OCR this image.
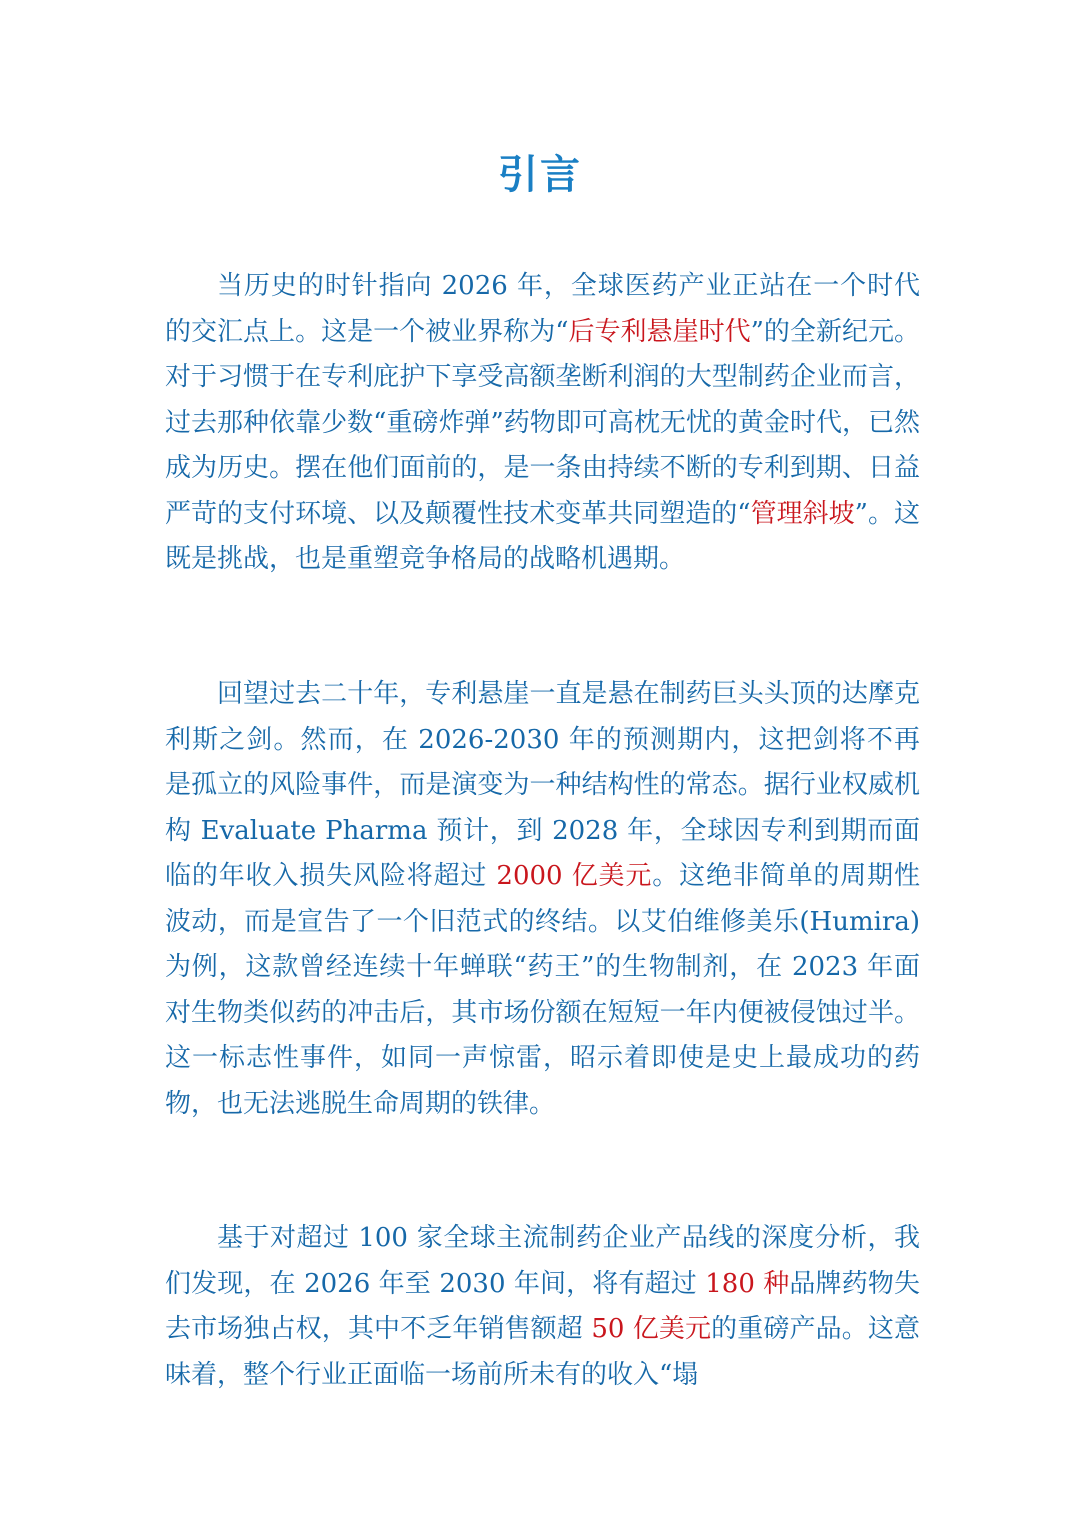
引言

当历史的时针指向 2026 年，全球医药产业正站在一个时代的交汇点上。这是一个被业界称为“后专利悬崖时代”的全新纪元。对于习惯于在专利庇护下享受高额垄断利润的大型制药企业而言，过去那种依靠少数“重磅炸弹”药物即可高枕无忧的黄金时代，已然成为历史。摆在他们面前的，是一条由持续不断的专利到期、日益严苛的支付环境、以及颠覆性技术变革共同塑造的“管理斜坡”。这既是挑战，也是重塑竞争格局的战略机遇期。

回望过去二十年，专利悬崖一直是悬在制药巨头头顶的达摩克利斯之剑。然而，在 2026-2030 年的预测期内，这把剑将不再是孤立的风险事件，而是演变为一种结构性的常态。据行业权威机构 Evaluate Pharma 预计，到 2028 年，全球因专利到期而面临的年收入损失风险将超过 2000 亿美元。这绝非简单的周期性波动，而是宣告了一个旧范式的终结。以艾伯维修美乐(Humira)为例，这款曾经连续十年蝉联“药王”的生物制剂，在 2023 年面对生物类似药的冲击后，其市场份额在短短一年内便被侵蚀过半。这一标志性事件，如同一声惊雷，昭示着即使是史上最成功的药物，也无法逃脱生命周期的铁律。

基于对超过 100 家全球主流制药企业产品线的深度分析，我们发现，在 2026 年至 2030 年间，将有超过 180 种品牌药物失去市场独占权，其中不乏年销售额超 50 亿美元的重磅产品。这意味着，整个行业正面临一场前所未有的收入“塌
